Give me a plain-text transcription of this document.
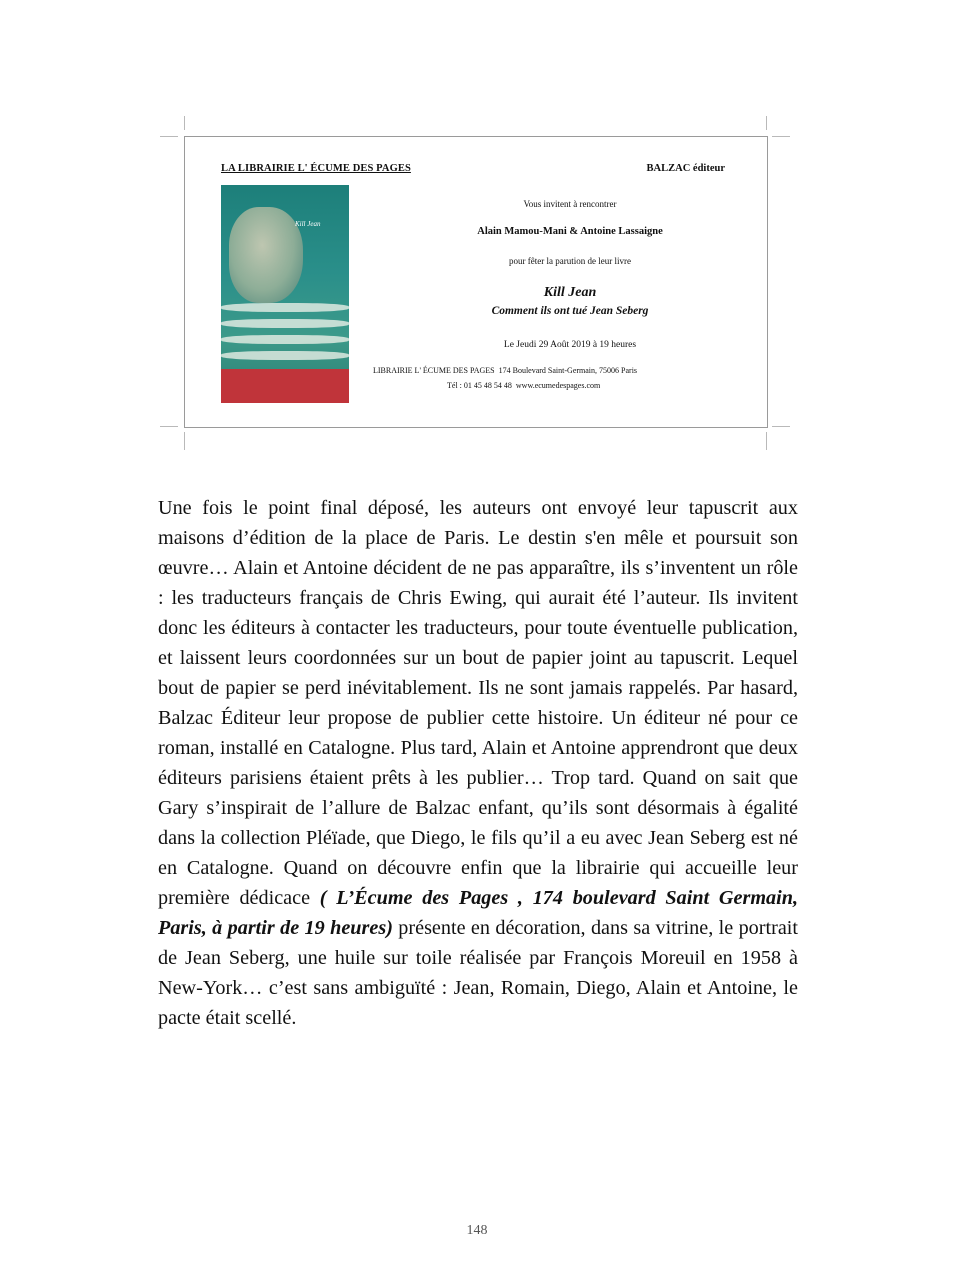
LA LIBRAIRIE L' ÉCUME DES PAGES	BALZAC éditeur
Kill Jean
Vous invitent à rencontrer
Alain Mamou-Mani & Antoine Lassaigne
pour fêter la parution de leur livre
Kill Jean
Comment ils ont tué Jean Seberg
Le Jeudi 29 Août 2019 à 19 heures
LIBRAIRIE L' ÉCUME DES PAGES 174 Boulevard Saint-Germain, 75006 Paris
Tél : 01 45 48 54 48 www.ecumedespages.com

Une fois le point final déposé, les auteurs ont envoyé leur tapuscrit aux maisons d’édition de la place de Paris. Le destin s'en mêle et poursuit son œuvre… Alain et Antoine décident de ne pas apparaître, ils s’inventent un rôle : les traducteurs français de Chris Ewing, qui aurait été l’auteur. Ils invitent donc les éditeurs à contacter les traducteurs, pour toute éventuelle publication, et laissent leurs coordonnées sur un bout de papier joint au tapuscrit. Lequel bout de papier se perd inévitablement. Ils ne sont jamais rappelés. Par hasard, Balzac Éditeur leur propose de publier cette histoire. Un éditeur né pour ce roman, installé en Catalogne. Plus tard, Alain et Antoine apprendront que deux éditeurs parisiens étaient prêts à les publier… Trop tard. Quand on sait que Gary s’inspirait de l’allure de Balzac enfant, qu’ils sont désormais à égalité dans la collection Pléïade, que Diego, le fils qu’il a eu avec Jean Seberg est né en Catalogne. Quand on découvre enfin que la librairie qui accueille leur première dédicace ( L’Écume des Pages , 174 boulevard Saint Germain, Paris, à partir de 19 heures) présente en décoration, dans sa vitrine, le portrait de Jean Seberg, une huile sur toile réalisée par François Moreuil en 1958 à New-York… c’est sans ambiguïté : Jean, Romain, Diego, Alain et Antoine, le pacte était scellé.

148
